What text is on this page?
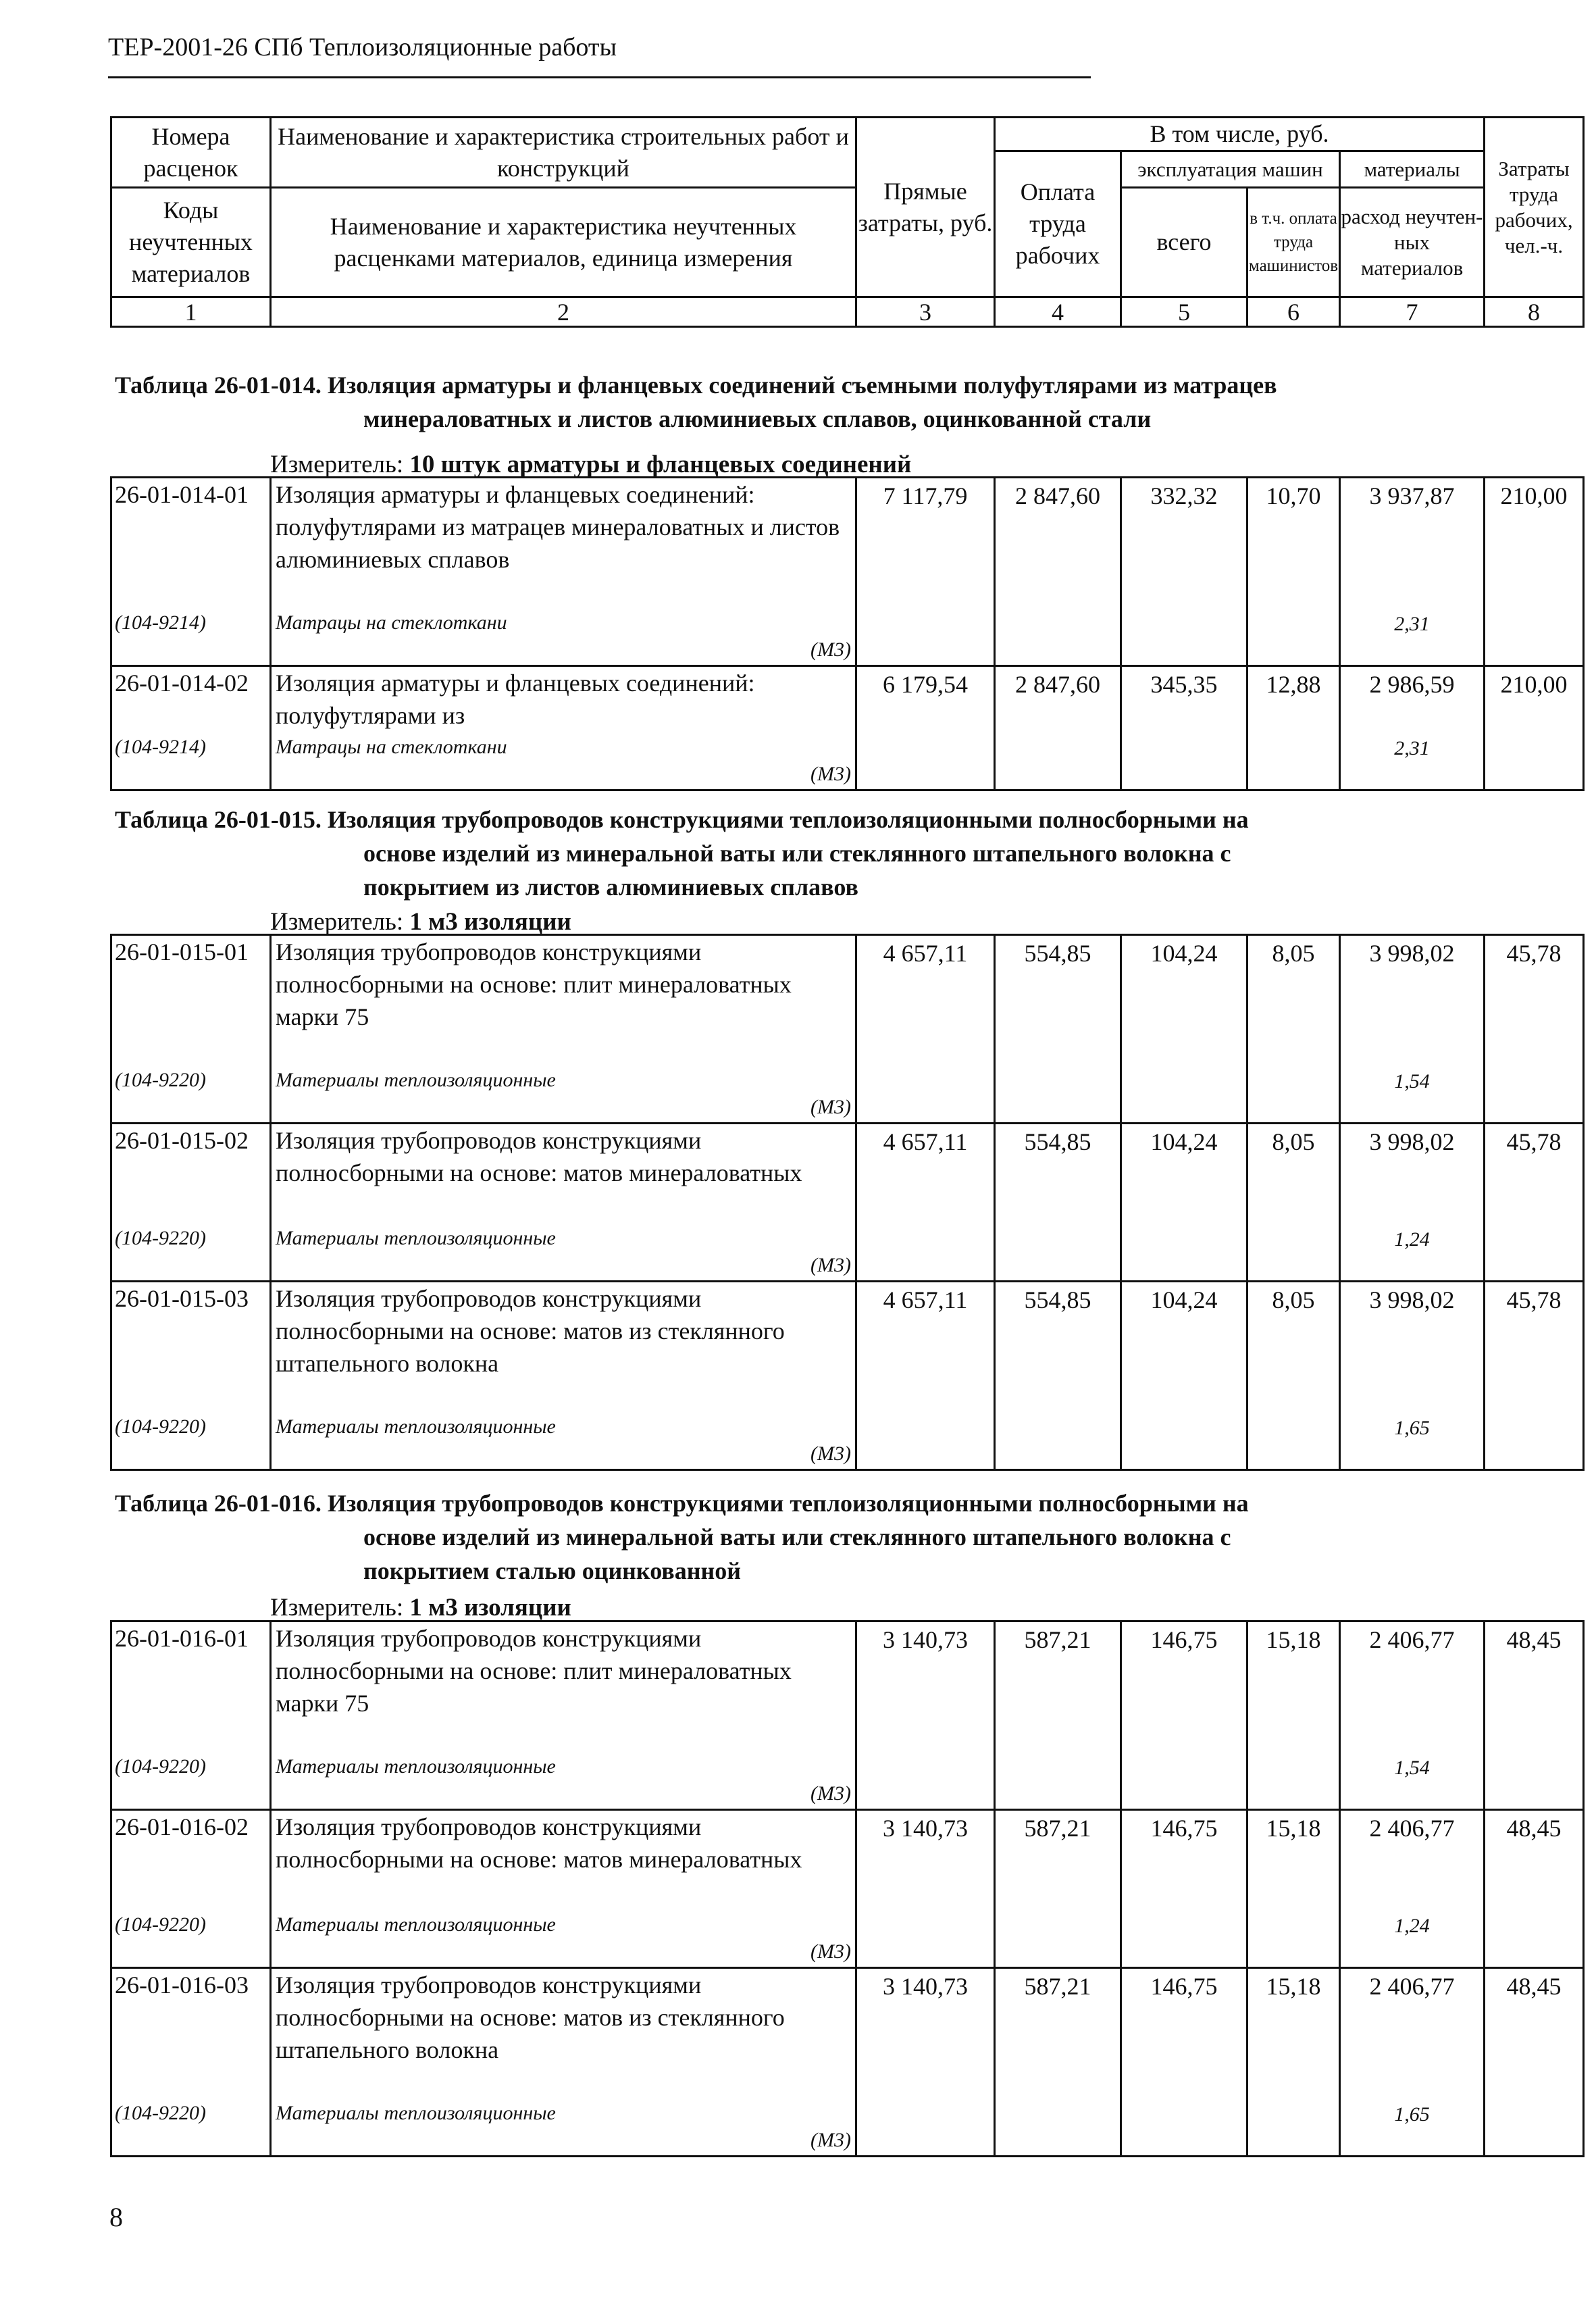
ТЕР-2001-26 СПб Теплоизоляционные работы
Номера расценок	Наименование и характеристика строительных работ и конструкций	Прямые затраты, руб.	В том числе, руб.				Затраты труда рабочих, чел.-ч.
			Оплата труда рабочих	эксплуатация машин		материалы	
Коды неучтенных материалов	Наименование и характеристика неучтенных расценками материалов, единица измерения			всего	в т.ч. оплата труда машинистов	расход неучтен-ных материалов	

1	2	3	4	5	6	7	8
Таблица 26-01-014. Изоляция арматуры и фланцевых соединений съемными полуфутлярами из матрацев
минераловатных и листов алюминиевых сплавов, оцинкованной стали
Измеритель: 10 штук арматуры и фланцевых соединений
26-01-014-01	Изоляция арматуры и фланцевых соединений: полуфутлярами из матрацев минераловатных и листов алюминиевых сплавов	7 117,79	2 847,60	332,32	10,70	3 937,87	210,00
(104-9214)	Матрацы на стеклоткани					2,31	
	(М3)						
26-01-014-02	Изоляция арматуры и фланцевых соединений: полуфутлярами из	6 179,54	2 847,60	345,35	12,88	2 986,59	210,00
(104-9214)	Матрацы на стеклоткани					2,31	
	(М3)						
Таблица 26-01-015. Изоляция трубопроводов конструкциями теплоизоляционными полносборными на
основе изделий из минеральной ваты или стеклянного штапельного волокна с
покрытием из листов алюминиевых сплавов
Измеритель: 1 м3 изоляции
26-01-015-01	Изоляция трубопроводов конструкциями полносборными на основе: плит минераловатных марки 75	4 657,11	554,85	104,24	8,05	3 998,02	45,78
(104-9220)	Материалы теплоизоляционные					1,54	
	(М3)						
26-01-015-02	Изоляция трубопроводов конструкциями полносборными на основе: матов минераловатных	4 657,11	554,85	104,24	8,05	3 998,02	45,78
(104-9220)	Материалы теплоизоляционные					1,24	
	(М3)						
26-01-015-03	Изоляция трубопроводов конструкциями полносборными на основе: матов из стеклянного штапельного волокна	4 657,11	554,85	104,24	8,05	3 998,02	45,78
(104-9220)	Материалы теплоизоляционные					1,65	
	(М3)						
Таблица 26-01-016. Изоляция трубопроводов конструкциями теплоизоляционными полносборными на
основе изделий из минеральной ваты или стеклянного штапельного волокна с
покрытием сталью оцинкованной
Измеритель: 1 м3 изоляции
26-01-016-01	Изоляция трубопроводов конструкциями полносборными на основе: плит минераловатных марки 75	3 140,73	587,21	146,75	15,18	2 406,77	48,45
(104-9220)	Материалы теплоизоляционные					1,54	
	(М3)						
26-01-016-02	Изоляция трубопроводов конструкциями полносборными на основе: матов минераловатных	3 140,73	587,21	146,75	15,18	2 406,77	48,45
(104-9220)	Материалы теплоизоляционные					1,24	
	(М3)						
26-01-016-03	Изоляция трубопроводов конструкциями полносборными на основе: матов из стеклянного штапельного волокна	3 140,73	587,21	146,75	15,18	2 406,77	48,45
(104-9220)	Материалы теплоизоляционные					1,65	
	(М3)						
8
